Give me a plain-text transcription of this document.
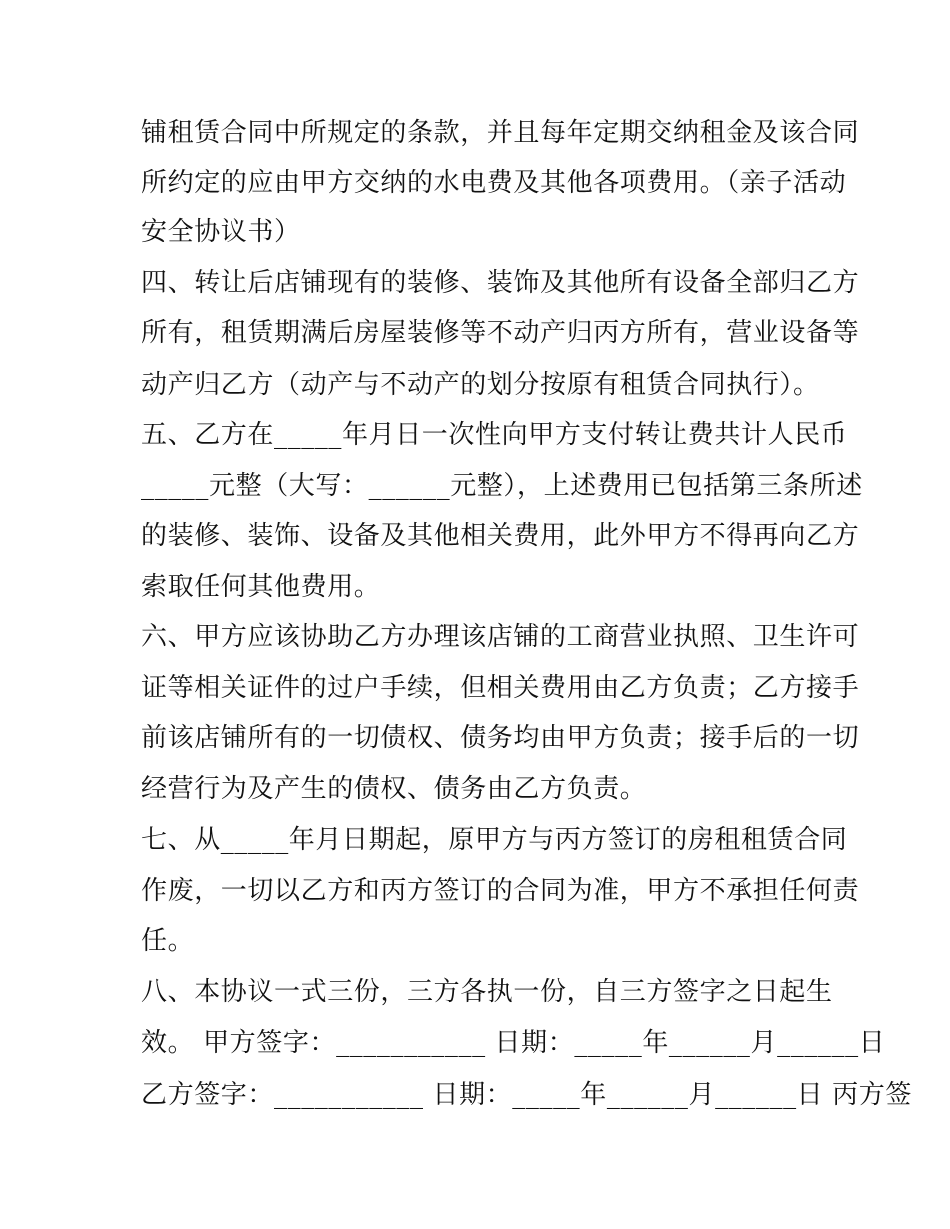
铺租赁合同中所规定的条款，并且每年定期交纳租金及该合同
所约定的应由甲方交纳的水电费及其他各项费用。（亲子活动
安全协议书）
四、转让后店铺现有的装修、装饰及其他所有设备全部归乙方
所有，租赁期满后房屋装修等不动产归丙方所有，营业设备等
动产归乙方（动产与不动产的划分按原有租赁合同执行）。
五、乙方在_____年月日一次性向甲方支付转让费共计人民币
_____元整（大写：______元整），上述费用已包括第三条所述
的装修、装饰、设备及其他相关费用，此外甲方不得再向乙方
索取任何其他费用。
六、甲方应该协助乙方办理该店铺的工商营业执照、卫生许可
证等相关证件的过户手续，但相关费用由乙方负责；乙方接手
前该店铺所有的一切债权、债务均由甲方负责；接手后的一切
经营行为及产生的债权、债务由乙方负责。
七、从_____年月日期起，原甲方与丙方签订的房租租赁合同
作废，一切以乙方和丙方签订的合同为准，甲方不承担任何责
任。
八、本协议一式三份，三方各执一份，自三方签字之日起生
效。 甲方签字：___________ 日期：_____年______月______日
乙方签字：___________ 日期：_____年______月______日 丙方签
